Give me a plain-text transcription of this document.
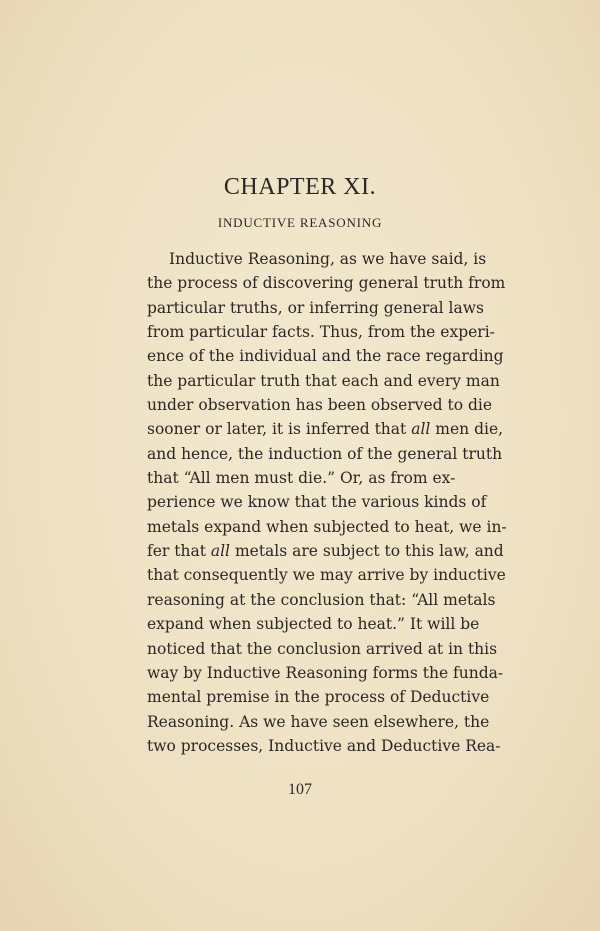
CHAPTER XI.
INDUCTIVE REASONING
Inductive Reasoning, as we have said, is
the process of discovering general truth from
particular truths, or inferring general laws
from particular facts. Thus, from the experi-
ence of the individual and the race regarding
the particular truth that each and every man
under observation has been observed to die
sooner or later, it is inferred that all men die,
and hence, the induction of the general truth
that “All men must die.” Or, as from ex-
perience we know that the various kinds of
metals expand when subjected to heat, we in-
fer that all metals are subject to this law, and
that consequently we may arrive by inductive
reasoning at the conclusion that: “All metals
expand when subjected to heat.” It will be
noticed that the conclusion arrived at in this
way by Inductive Reasoning forms the funda-
mental premise in the process of Deductive
Reasoning. As we have seen elsewhere, the
two processes, Inductive and Deductive Rea-
107
